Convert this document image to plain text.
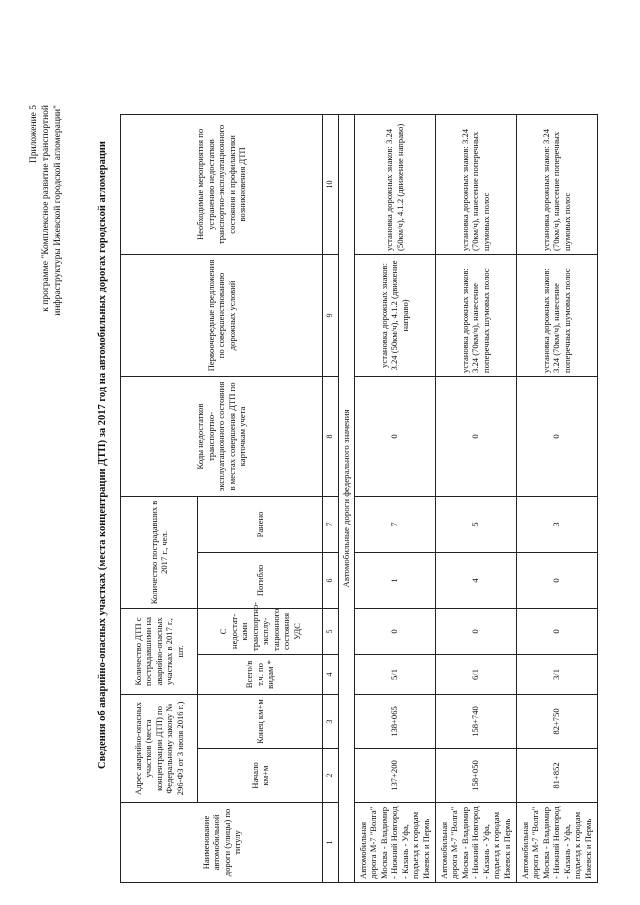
Приложение 5 к программе "Комплексное развитие транспортной инфраструктуры Ижевской городской агломерации"	Сведения об аварийно-опасных участках (места концентрации ДТП) за 2017 год на автомобильных дорогах городской агломерации
Наименование автомобильной дороги (улицы) по титулу	Адрес аварийно-опасных участков (места концентрации ДТП) по Федеральному закону № 296-ФЗ от 3 июля 2016 г.)		Количество ДТП с пострадавшими на аварийно-опасных участках в 2017 г., шт.		Количество пострадавших в 2017 г., чел.		Коды недостатков транспортно-эксплуатационного состояния в местах совершения ДТП по карточкам учета	Первоочередные предложения по совершенствованию дорожных условий	Необходимые мероприятия по устранению недостатков транспортно-эксплуатационного состояния и профилактики возникновения ДТП
	Начало км+м	Конец км+м	Всего/в т.ч. по видам *	С недостат-ками транспортно-эксплу-тационного состояния УДС	Погибло	Ранено			
1	2	3	4	5	6	7	8	9	10
Автомобильные дороги федерального значения									
Автомобильная дорога М-7 "Волга" Москва - Владимир - Нижний Новгород - Казань - Уфа, подъезд к городам Ижевск и Пермь	137+200	138+065	5/1	0	1	7	0	установка дорожных знаков: 3.24 (50км/ч), 4.1.2 (движение направо)	установка дорожных знаков: 3.24 (50км/ч), 4.1.2 (движение направо)
Автомобильная дорога М-7 "Волга" Москва - Владимир - Нижний Новгород - Казань - Уфа, подъезд к городам Ижевск и Пермь	158+050	158+740	6/1	0	4	5	0	установка дорожных знаков: 3.24 (70км/ч), нанесение поперечных шумовых полос	установка дорожных знаков: 3.24 (70км/ч), нанесение поперечных шумовых полос
Автомобильная дорога М-7 "Волга" Москва - Владимир - Нижний Новгород - Казань - Уфа, подъезд к городам Ижевск и Пермь	81+852	82+750	3/1	0	0	3	0	установка дорожных знаков: 3.24 (70км/ч), нанесение поперечных шумовых полос	установка дорожных знаков: 3.24 (70км/ч), нанесение поперечных шумовых полос
